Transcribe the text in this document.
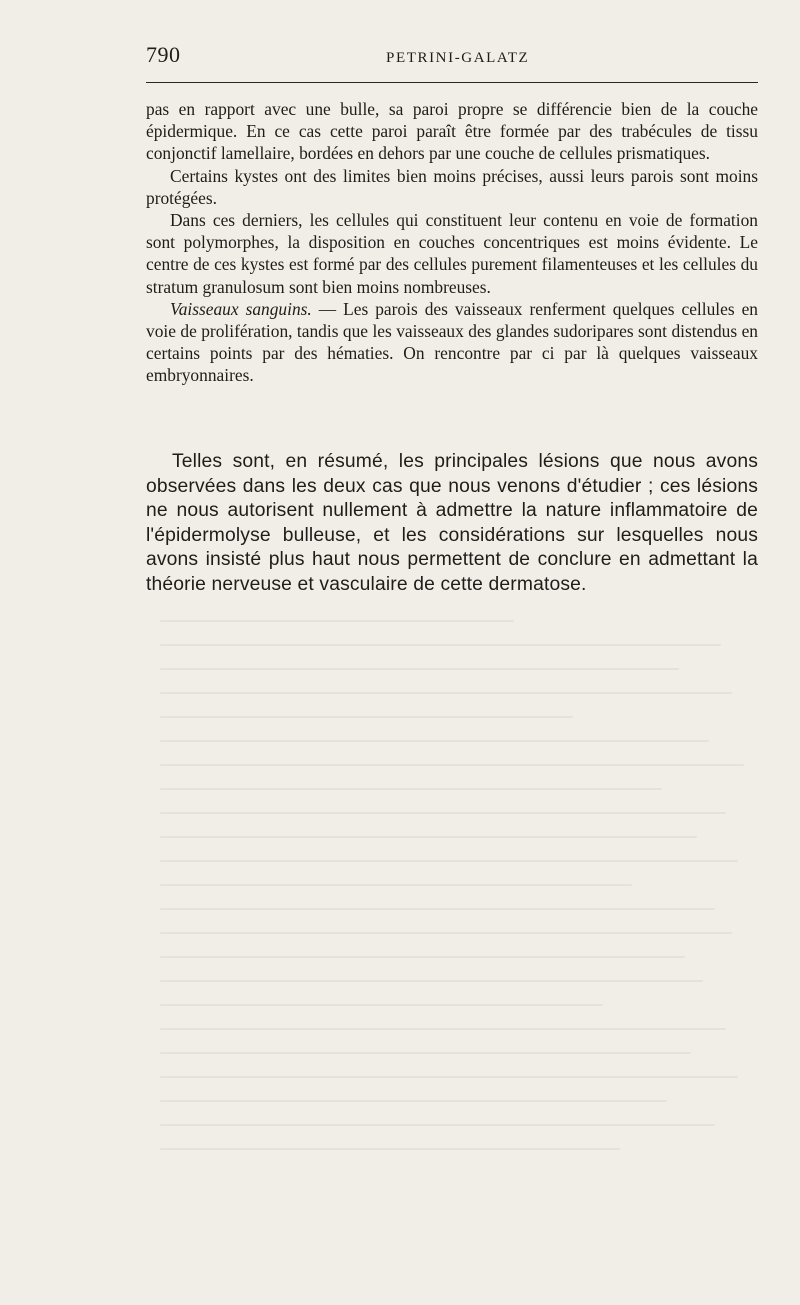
790	PETRINI-GALATZ

pas en rapport avec une bulle, sa paroi propre se différencie bien de la couche épidermique. En ce cas cette paroi paraît être formée par des trabécules de tissu conjonctif lamellaire, bordées en dehors par une couche de cellules prismatiques.

Certains kystes ont des limites bien moins précises, aussi leurs parois sont moins protégées.

Dans ces derniers, les cellules qui constituent leur contenu en voie de formation sont polymorphes, la disposition en couches concentriques est moins évidente. Le centre de ces kystes est formé par des cellules purement filamenteuses et les cellules du stratum granulosum sont bien moins nombreuses.

Vaisseaux sanguins. — Les parois des vaisseaux renferment quelques cellules en voie de prolifération, tandis que les vaisseaux des glandes sudoripares sont distendus en certains points par des hématies. On rencontre par ci par là quelques vaisseaux embryonnaires.

Telles sont, en résumé, les principales lésions que nous avons observées dans les deux cas que nous venons d'étudier ; ces lésions ne nous autorisent nullement à admettre la nature inflammatoire de l'épidermolyse bulleuse, et les considérations sur lesquelles nous avons insisté plus haut nous permettent de conclure en admettant la théorie nerveuse et vasculaire de cette dermatose.
